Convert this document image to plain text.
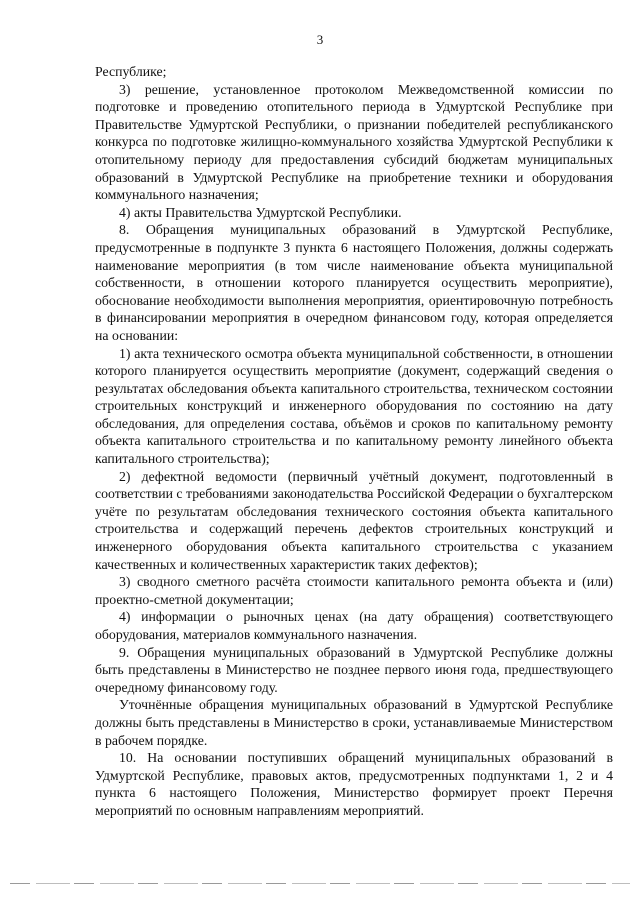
3

Республике;

3) решение, установленное протоколом Межведомственной комиссии по подготовке и проведению отопительного периода в Удмуртской Республике при Правительстве Удмуртской Республики, о признании победителей республиканского конкурса по подготовке жилищно-коммунального хозяйства Удмуртской Республики к отопительному периоду для предоставления субсидий бюджетам муниципальных образований в Удмуртской Республике на приобретение техники и оборудования коммунального назначения;

4) акты Правительства Удмуртской Республики.

8. Обращения муниципальных образований в Удмуртской Республике, предусмотренные в подпункте 3 пункта 6 настоящего Положения, должны содержать наименование мероприятия (в том числе наименование объекта муниципальной собственности, в отношении которого планируется осуществить мероприятие), обоснование необходимости выполнения мероприятия, ориентировочную потребность в финансировании мероприятия в очередном финансовом году, которая определяется на основании:

1) акта технического осмотра объекта муниципальной собственности, в отношении которого планируется осуществить мероприятие (документ, содержащий сведения о результатах обследования объекта капитального строительства, техническом состоянии строительных конструкций и инженерного оборудования по состоянию на дату обследования, для определения состава, объёмов и сроков по капитальному ремонту объекта капитального строительства и по капитальному ремонту линейного объекта капитального строительства);

2) дефектной ведомости (первичный учётный документ, подготовленный в соответствии с требованиями законодательства Российской Федерации о бухгалтерском учёте по результатам обследования технического состояния объекта капитального строительства и содержащий перечень дефектов строительных конструкций и инженерного оборудования объекта капитального строительства с указанием качественных и количественных характеристик таких дефектов);

3) сводного сметного расчёта стоимости капитального ремонта объекта и (или) проектно-сметной документации;

4) информации о рыночных ценах (на дату обращения) соответствующего оборудования, материалов коммунального назначения.

9. Обращения муниципальных образований в Удмуртской Республике должны быть представлены в Министерство не позднее первого июня года, предшествующего очередному финансовому году.

Уточнённые обращения муниципальных образований в Удмуртской Республике должны быть представлены в Министерство в сроки, устанавливаемые Министерством в рабочем порядке.

10. На основании поступивших обращений муниципальных образований в Удмуртской Республике, правовых актов, предусмотренных подпунктами 1, 2 и 4 пункта 6 настоящего Положения, Министерство формирует проект Перечня мероприятий по основным направлениям мероприятий.
